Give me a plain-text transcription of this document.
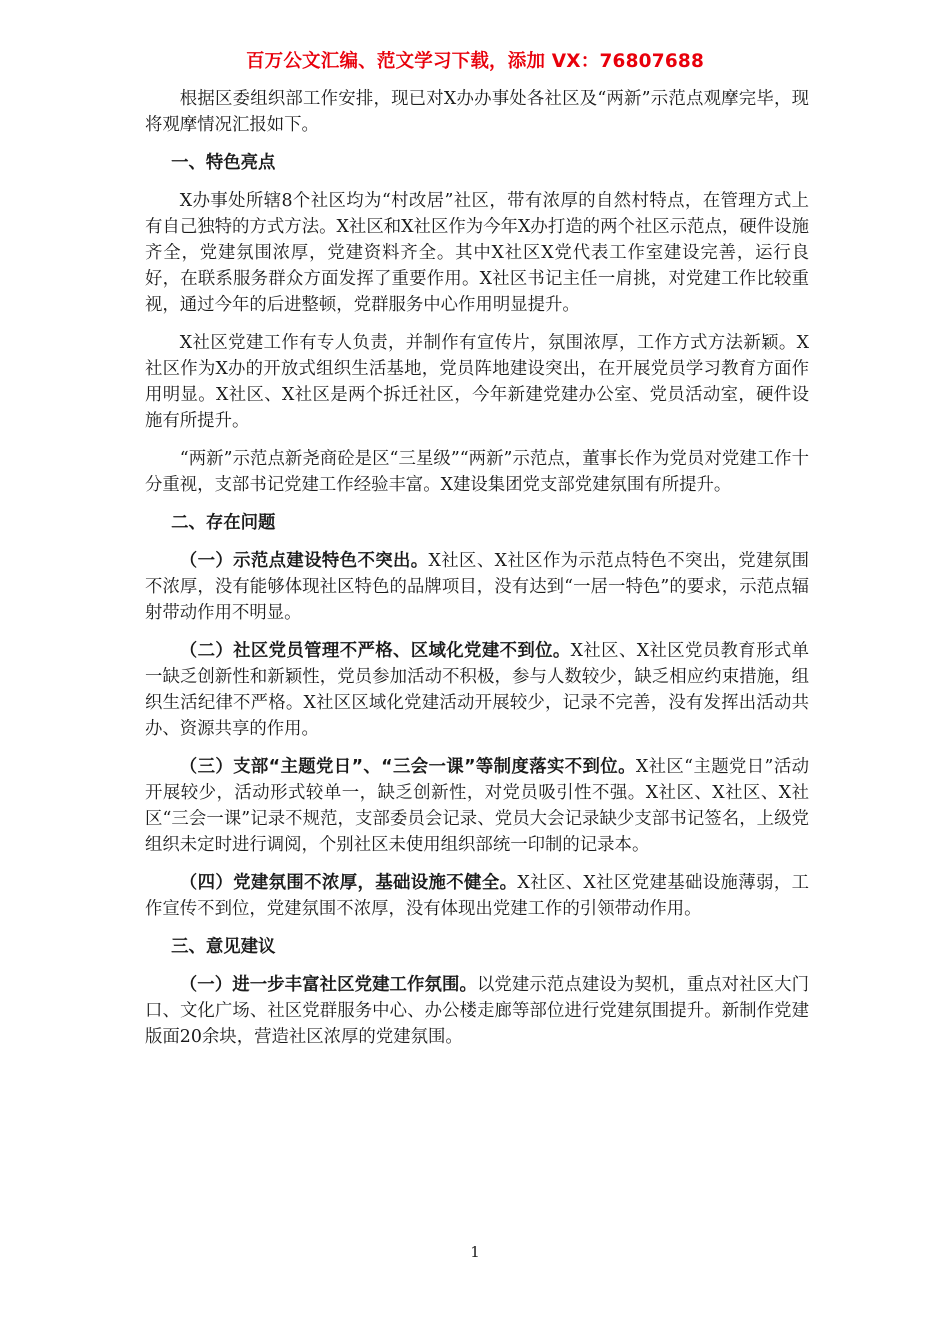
百万公文汇编、范文学习下载，添加 VX：76807688

根据区委组织部工作安排，现已对X办办事处各社区及“两新”示范点观摩完毕，现将观摩情况汇报如下。

一、特色亮点

X办事处所辖8个社区均为“村改居”社区，带有浓厚的自然村特点，在管理方式上有自己独特的方式方法。X社区和X社区作为今年X办打造的两个社区示范点，硬件设施齐全，党建氛围浓厚，党建资料齐全。其中X社区X党代表工作室建设完善，运行良好，在联系服务群众方面发挥了重要作用。X社区书记主任一肩挑，对党建工作比较重视，通过今年的后进整顿，党群服务中心作用明显提升。

X社区党建工作有专人负责，并制作有宣传片，氛围浓厚，工作方式方法新颖。X社区作为X办的开放式组织生活基地，党员阵地建设突出，在开展党员学习教育方面作用明显。X社区、X社区是两个拆迁社区，今年新建党建办公室、党员活动室，硬件设施有所提升。

“两新”示范点新尧商砼是区“三星级”“两新”示范点，董事长作为党员对党建工作十分重视，支部书记党建工作经验丰富。X建设集团党支部党建氛围有所提升。

二、存在问题

（一）示范点建设特色不突出。X社区、X社区作为示范点特色不突出，党建氛围不浓厚，没有能够体现社区特色的品牌项目，没有达到“一居一特色”的要求，示范点辐射带动作用不明显。

（二）社区党员管理不严格、区域化党建不到位。X社区、X社区党员教育形式单一缺乏创新性和新颖性，党员参加活动不积极，参与人数较少，缺乏相应约束措施，组织生活纪律不严格。X社区区域化党建活动开展较少，记录不完善，没有发挥出活动共办、资源共享的作用。

（三）支部“主题党日”、“三会一课”等制度落实不到位。X社区“主题党日”活动开展较少，活动形式较单一，缺乏创新性，对党员吸引性不强。X社区、X社区、X社区“三会一课”记录不规范，支部委员会记录、党员大会记录缺少支部书记签名，上级党组织未定时进行调阅，个别社区未使用组织部统一印制的记录本。

（四）党建氛围不浓厚，基础设施不健全。X社区、X社区党建基础设施薄弱，工作宣传不到位，党建氛围不浓厚，没有体现出党建工作的引领带动作用。

三、意见建议

（一）进一步丰富社区党建工作氛围。以党建示范点建设为契机，重点对社区大门口、文化广场、社区党群服务中心、办公楼走廊等部位进行党建氛围提升。新制作党建版面20余块，营造社区浓厚的党建氛围。

1
